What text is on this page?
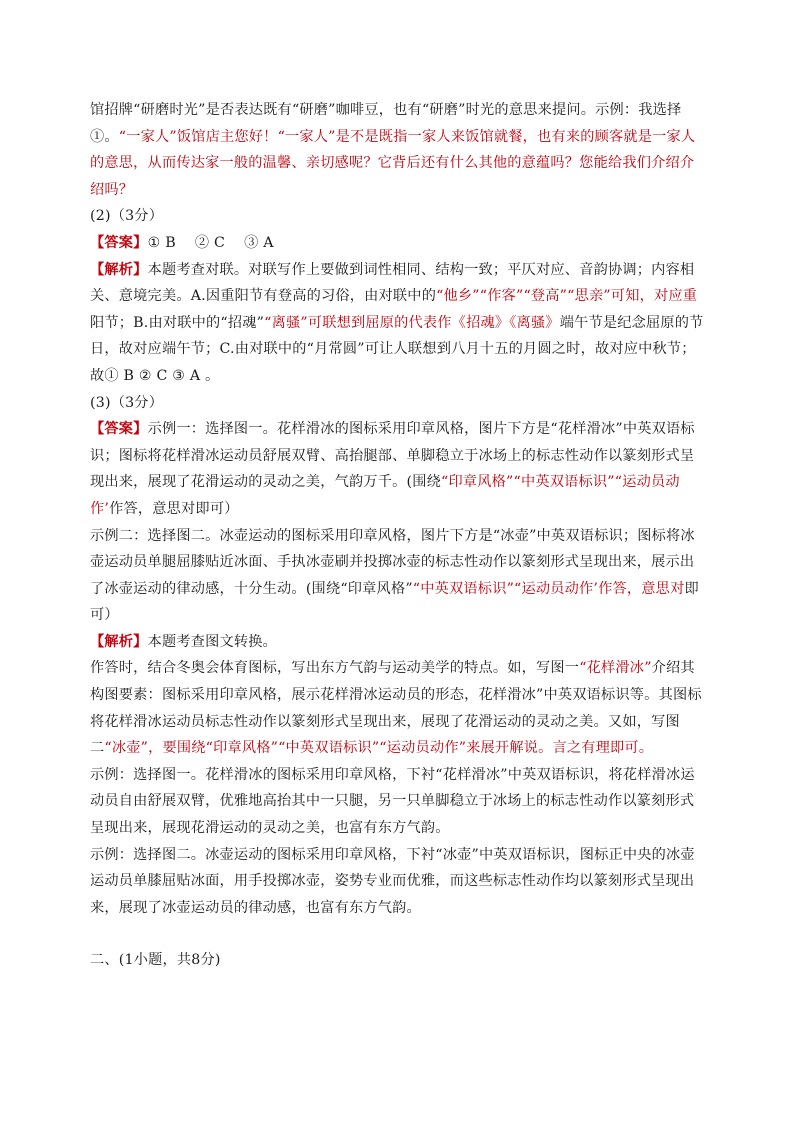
馆招牌“研磨时光”是否表达既有“研磨”咖啡豆，也有“研磨”时光的意思来提问。示例：我选择①。“一家人”饭馆店主您好！“一家人”是不是既指一家人来饭馆就餐，也有来的顾客就是一家人的意思，从而传达家一般的温馨、亲切感呢？它背后还有什么其他的意蕴吗？您能给我们介绍介绍吗？

(2)（3分）

【答案】① B　 ② C　 ③ A

【解析】本题考查对联。对联写作上要做到词性相同、结构一致；平仄对应、音韵协调；内容相关、意境完美。A.因重阳节有登高的习俗，由对联中的“他乡”“作客”“登高”“思亲”可知，对应重阳节；B.由对联中的“招魂”“离骚”可联想到屈原的代表作《招魂》《离骚》端午节是纪念屈原的节日，故对应端午节；C.由对联中的“月常圆”可让人联想到八月十五的月圆之时，故对应中秋节；故① B ② C ③ A 。

(3)（3分）

【答案】示例一：选择图一。花样滑冰的图标采用印章风格，图片下方是“花样滑冰”中英双语标识；图标将花样滑冰运动员舒展双臂、高抬腿部、单脚稳立于冰场上的标志性动作以篆刻形式呈现出来，展现了花滑运动的灵动之美，气韵万千。(围绕“印章风格”“中英双语标识”“运动员动作’作答，意思对即可）

示例二：选择图二。冰壶运动的图标采用印章风格，图片下方是“冰壶”中英双语标识；图标将冰壶运动员单腿屈膝贴近冰面、手执冰壶刷并投掷冰壶的标志性动作以篆刻形式呈现出来，展示出了冰壶运动的律动感，十分生动。(围绕“印章风格”“中英双语标识”“运动员动作’作答，意思对即可）

【解析】本题考查图文转换。

作答时，结合冬奥会体育图标，写出东方气韵与运动美学的特点。如，写图一“花样滑冰”介绍其构图要素：图标采用印章风格，展示花样滑冰运动员的形态，花样滑冰”中英双语标识等。其图标将花样滑冰运动员标志性动作以篆刻形式呈现出来，展现了花滑运动的灵动之美。又如，写图二“冰壶”，要围绕“印章风格”“中英双语标识”“运动员动作”来展开解说。言之有理即可。

示例：选择图一。花样滑冰的图标采用印章风格，下衬“花样滑冰”中英双语标识，将花样滑冰运动员自由舒展双臂，优雅地高抬其中一只腿，另一只单脚稳立于冰场上的标志性动作以篆刻形式呈现出来，展现花滑运动的灵动之美，也富有东方气韵。

示例：选择图二。冰壶运动的图标采用印章风格，下衬“冰壶”中英双语标识，图标正中央的冰壶运动员单膝屈贴冰面，用手投掷冰壶，姿势专业而优雅，而这些标志性动作均以篆刻形式呈现出来，展现了冰壶运动员的律动感，也富有东方气韵。

二、(1小题，共8分)
